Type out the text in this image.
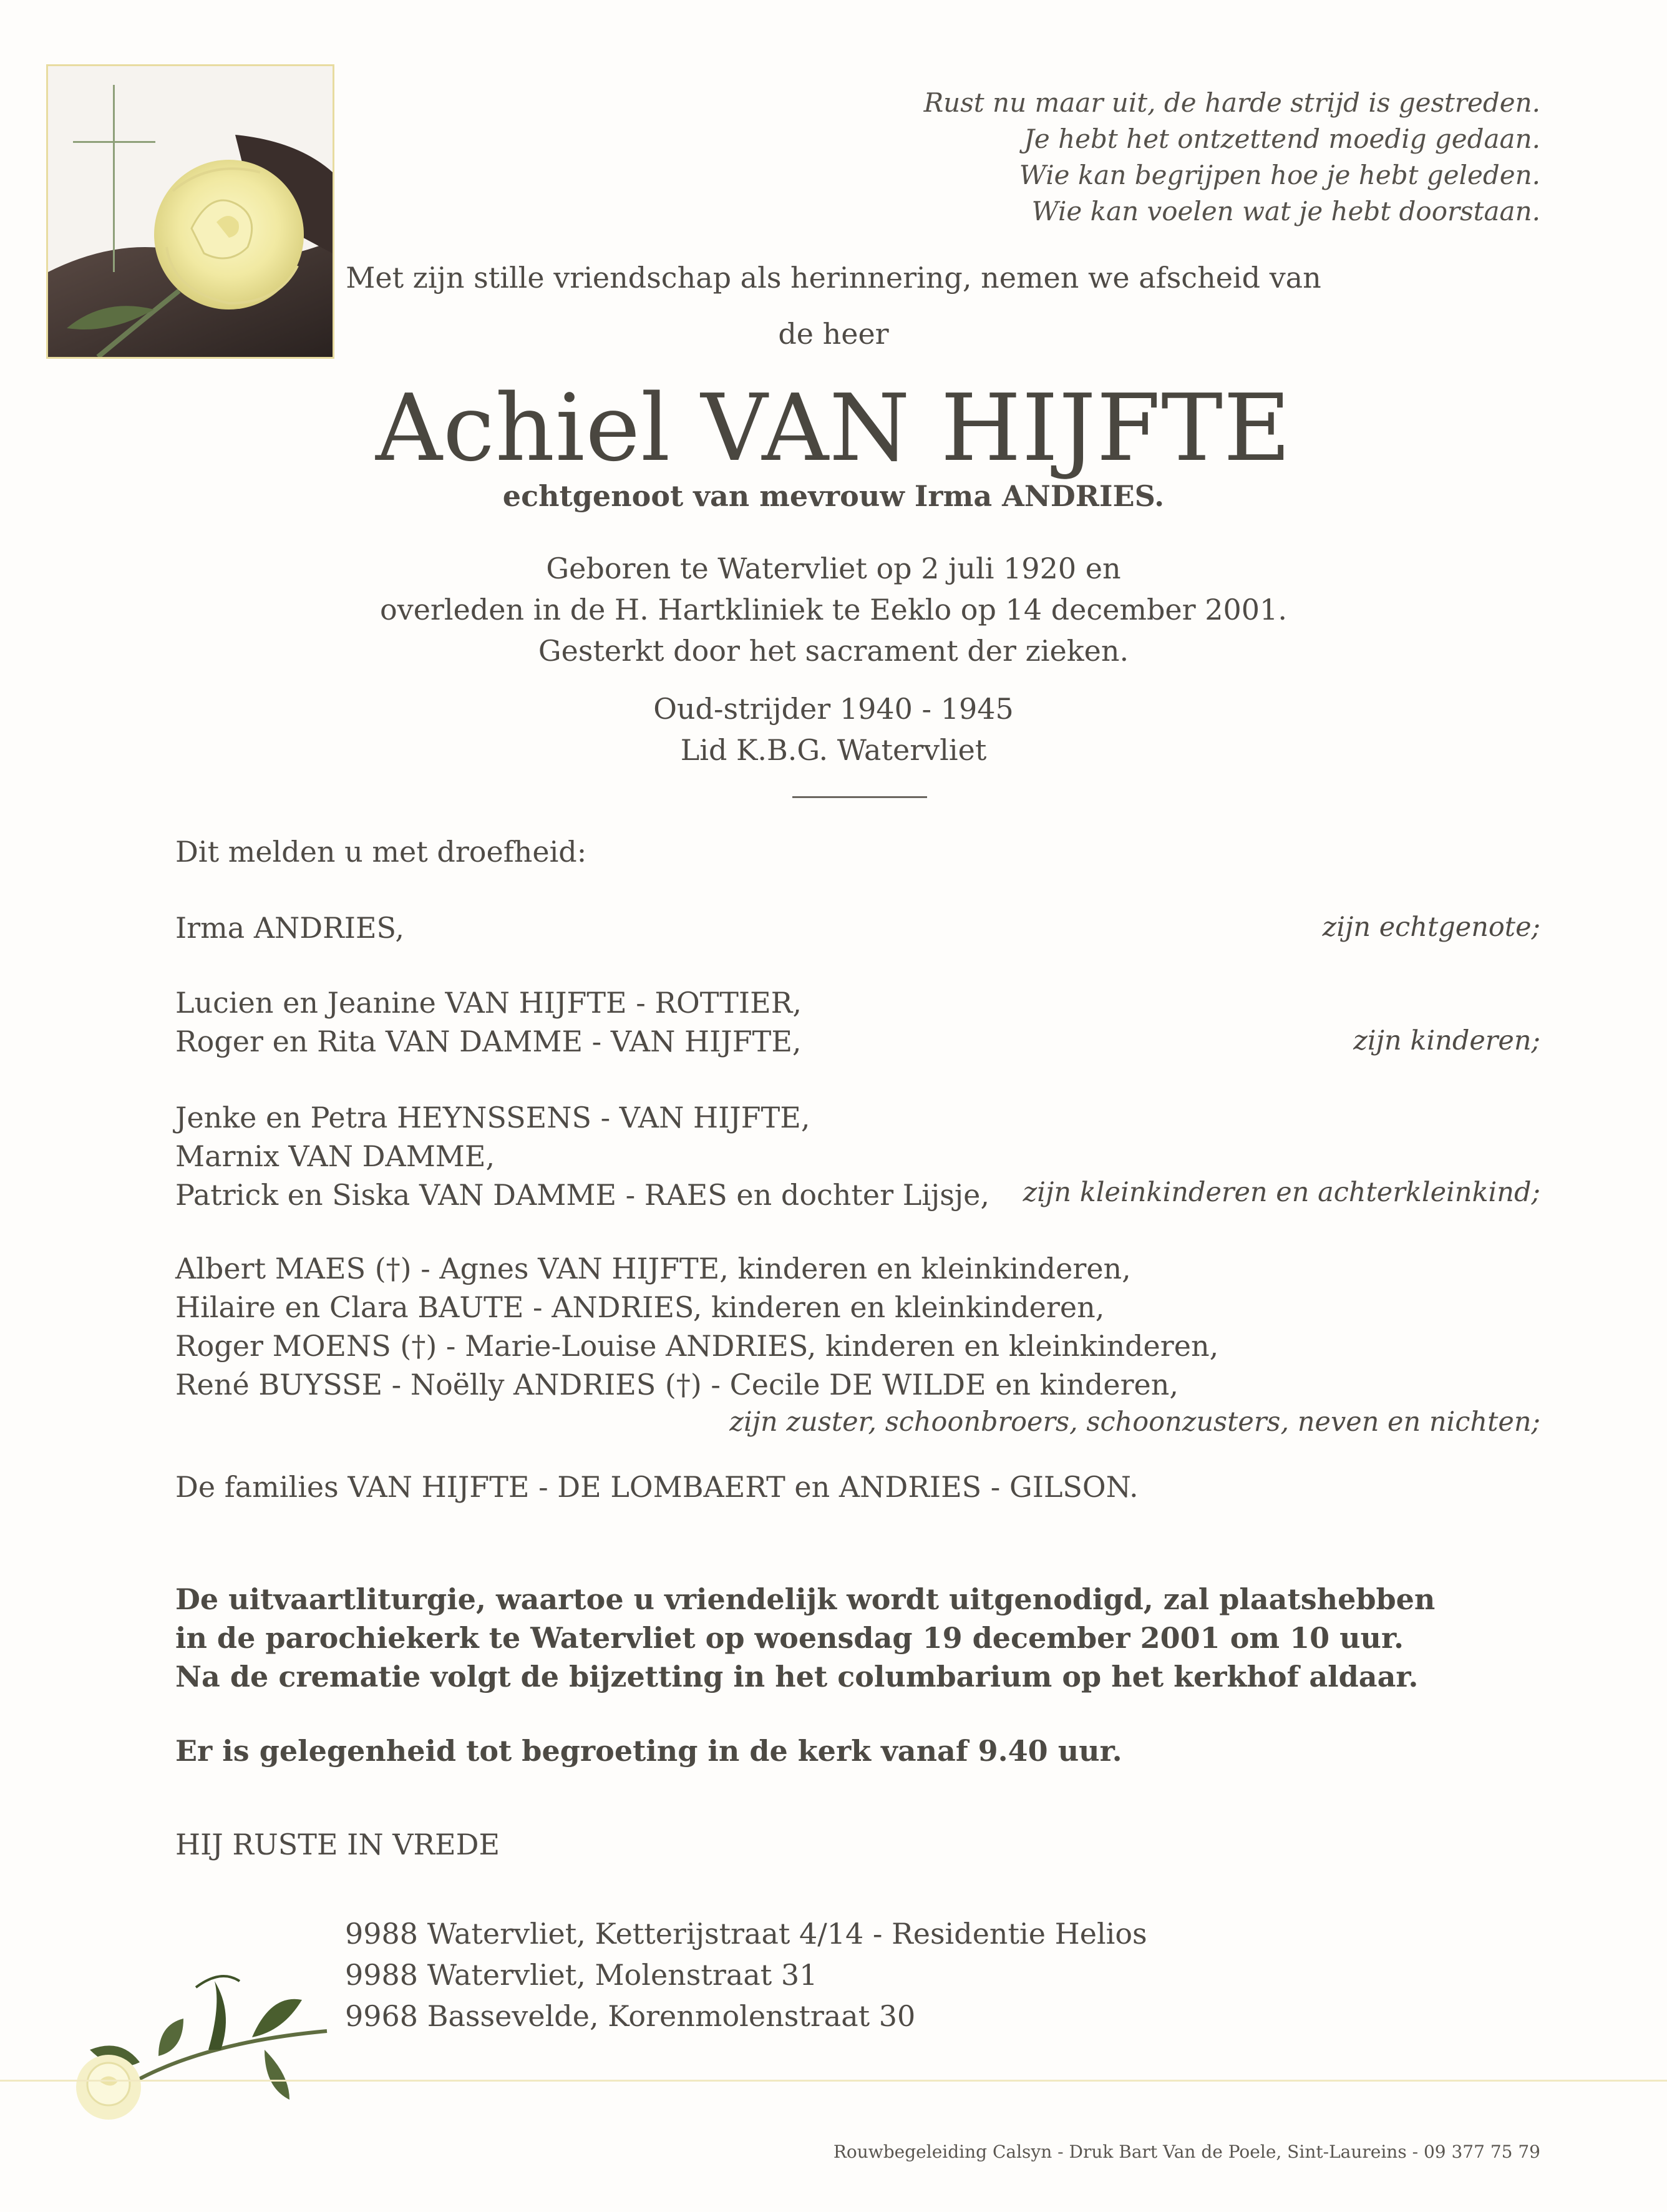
Rust nu maar uit, de harde strijd is gestreden.
Je hebt het ontzettend moedig gedaan.
Wie kan begrijpen hoe je hebt geleden.
Wie kan voelen wat je hebt doorstaan.
Met zijn stille vriendschap als herinnering, nemen we afscheid van
de heer
Achiel VAN HIJFTE
echtgenoot van mevrouw Irma ANDRIES.
Geboren te Watervliet op 2 juli 1920 en
overleden in de H. Hartkliniek te Eeklo op 14 december 2001.
Gesterkt door het sacrament der zieken.
Oud-strijder 1940 - 1945
Lid K.B.G. Watervliet
Dit melden u met droefheid:
Irma ANDRIES,	zijn echtgenote;
Lucien en Jeanine VAN HIJFTE - ROTTIER,
Roger en Rita VAN DAMME - VAN HIJFTE,	zijn kinderen;
Jenke en Petra HEYNSSENS - VAN HIJFTE,
Marnix VAN DAMME,
Patrick en Siska VAN DAMME - RAES en dochter Lijsje, zijn kleinkinderen en achterkleinkind;
Albert MAES (†) - Agnes VAN HIJFTE, kinderen en kleinkinderen,
Hilaire en Clara BAUTE - ANDRIES, kinderen en kleinkinderen,
Roger MOENS (†) - Marie-Louise ANDRIES, kinderen en kleinkinderen,
René BUYSSE - Noëlly ANDRIES (†) - Cecile DE WILDE en kinderen,
zijn zuster, schoonbroers, schoonzusters, neven en nichten;
De families VAN HIJFTE - DE LOMBAERT en ANDRIES - GILSON.
De uitvaartliturgie, waartoe u vriendelijk wordt uitgenodigd, zal plaatshebben
in de parochiekerk te Watervliet op woensdag 19 december 2001 om 10 uur.
Na de crematie volgt de bijzetting in het columbarium op het kerkhof aldaar.
Er is gelegenheid tot begroeting in de kerk vanaf 9.40 uur.
HIJ RUSTE IN VREDE
9988 Watervliet, Ketterijstraat 4/14 - Residentie Helios
9988 Watervliet, Molenstraat 31
9968 Bassevelde, Korenmolenstraat 30
Rouwbegeleiding Calsyn - Druk Bart Van de Poele, Sint-Laureins - 09 377 75 79
